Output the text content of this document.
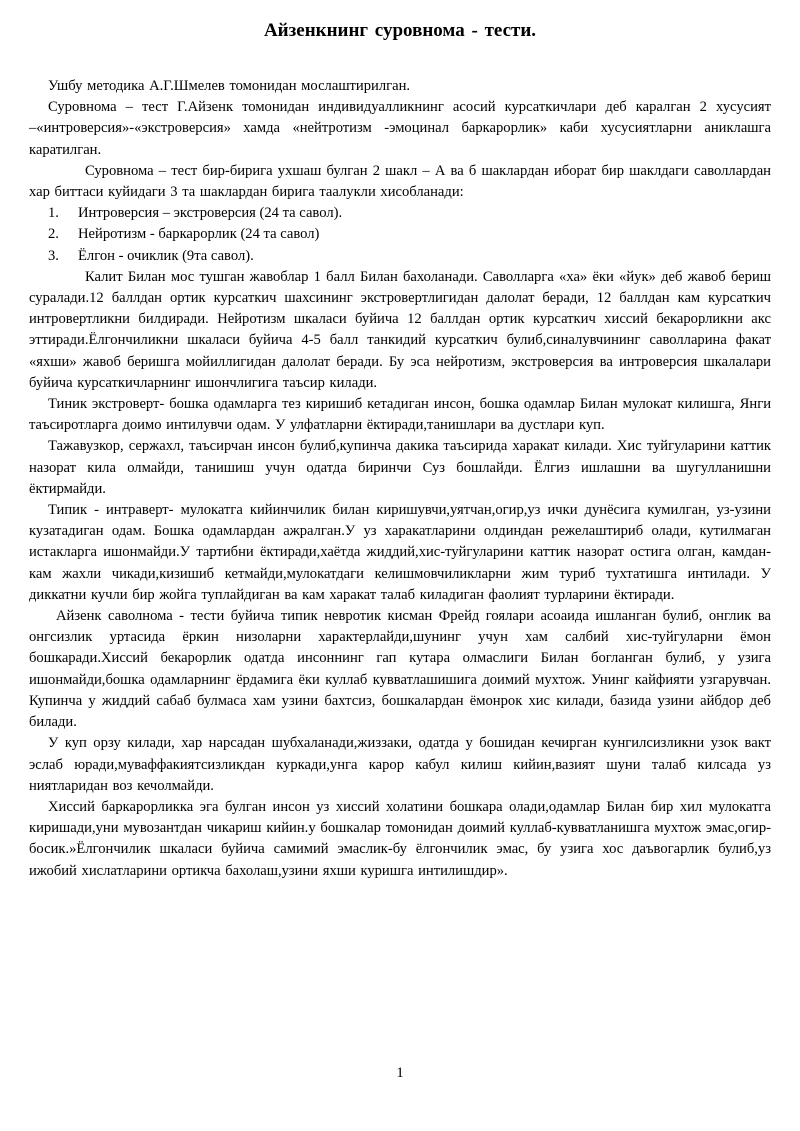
Айзенкнинг суровнома - тести.

Ушбу методика А.Г.Шмелев томонидан мослаштирилган.

Суровнома – тест Г.Айзенк томонидан индивидуалликнинг асосий курсаткичлари деб каралган 2 хусусият –«интроверсия»-«экстроверсия» хамда «нейтротизм -эмоцинал баркарорлик» каби хусусиятларни аниклашга каратилган.

Суровнома – тест бир-бирига ухшаш булган 2 шакл – А ва б шаклардан иборат бир шаклдаги саволлардан хар биттаси куйидаги 3 та шаклардан бирига таалукли хисобланади:

1.	Интроверсия – экстроверсия (24 та савол).
2.	Нейротизм - баркарорлик (24 та савол)
3.	Ёлгон - очиклик (9та савол).

Калит Билан мос тушган жавоблар 1 балл Билан бахоланади. Саволларга «ха» ёки «йук» деб жавоб бериш суралади.12 баллдан ортик курсаткич шахсининг экстровертлигидан далолат беради, 12 баллдан кам курсаткич интровертликни билдиради. Нейротизм шкаласи буйича 12 баллдан ортик курсаткич хиссий бекарорликни акс эттиради.Ёлгончиликни шкаласи буйича 4-5 балл танкидий курсаткич булиб,синалувчининг саволларина факат «яхши» жавоб беришга мойиллигидан далолат беради. Бу эса нейротизм, экстроверсия ва интроверсия шкалалари буйича курсаткичларнинг ишончлигига таъсир килади.

Тиник экстроверт- бошка одамларга тез киришиб кетадиган инсон, бошка одамлар Билан мулокат килишга, Янги таъсиротларга доимо интилувчи одам. У улфатларни ёктиради,танишлари ва дустлари куп.

Тажавузкор, сержахл, таъсирчан инсон булиб,купинча дакика таъсирида харакат килади. Хис туйгуларини каттик назорат кила олмайди, танишиш учун одатда биринчи Суз бошлайди. Ёлгиз ишлашни ва шугулланишни ёктирмайди.

Типик - интраверт- мулокатга кийинчилик билан киришувчи,уятчан,огир,уз ички дунёсига кумилган, уз-узини кузатадиган одам. Бошка одамлардан ажралган.У уз харакатларини олдиндан режелаштириб олади, кутилмаган истакларга ишонмайди.У тартибни ёктиради,хаётда жиддий,хис-туйгуларини каттик назорат остига олган, камдан-кам жахли чикади,кизишиб кетмайди,мулокатдаги келишмовчиликларни жим туриб тухтатишга интилади. У диккатни кучли бир жойга туплайдиган ва кам харакат талаб киладиган фаолият турларини ёктиради.

Айзенк саволнома - тести буйича типик невротик кисман Фрейд гоялари асоаида ишланган булиб, онглик ва онгсизлик уртасида ёркин низоларни характерлайди,шунинг учун хам салбий хис-туйгуларни ёмон бошкаради.Хиссий бекарорлик одатда инсоннинг гап кутара олмаслиги Билан богланган булиб, у узига ишонмайди,бошка одамларнинг ёрдамига ёки куллаб кувватлашишига доимий мухтож. Унинг кайфияти узгарувчан. Купинча у жиддий сабаб булмаса хам узини бахтсиз, бошкалардан ёмонрок хис килади, базида узини айбдор деб билади.

У куп орзу килади, хар нарсадан шубхаланади,жиззаки, одатда у бошидан кечирган кунгилсизликни узок вакт эслаб юради,муваффакиятсизликдан куркади,унга карор кабул килиш кийин,вазият шуни талаб килсада уз ниятларидан воз кечолмайди.

Хиссий баркарорликка эга булган инсон уз хиссий холатини бошкара олади,одамлар Билан бир хил мулокатга киришади,уни мувозантдан чикариш кийин.у бошкалар томонидан доимий куллаб-кувватланишга мухтож эмас,огир-босик.»Ёлгончилик шкаласи буйича самимий эмаслик-бу ёлгончилик эмас, бу узига хос даъвогарлик булиб,уз ижобий хислатларини ортикча бахолаш,узини яхши куришга интилишдир».

1
